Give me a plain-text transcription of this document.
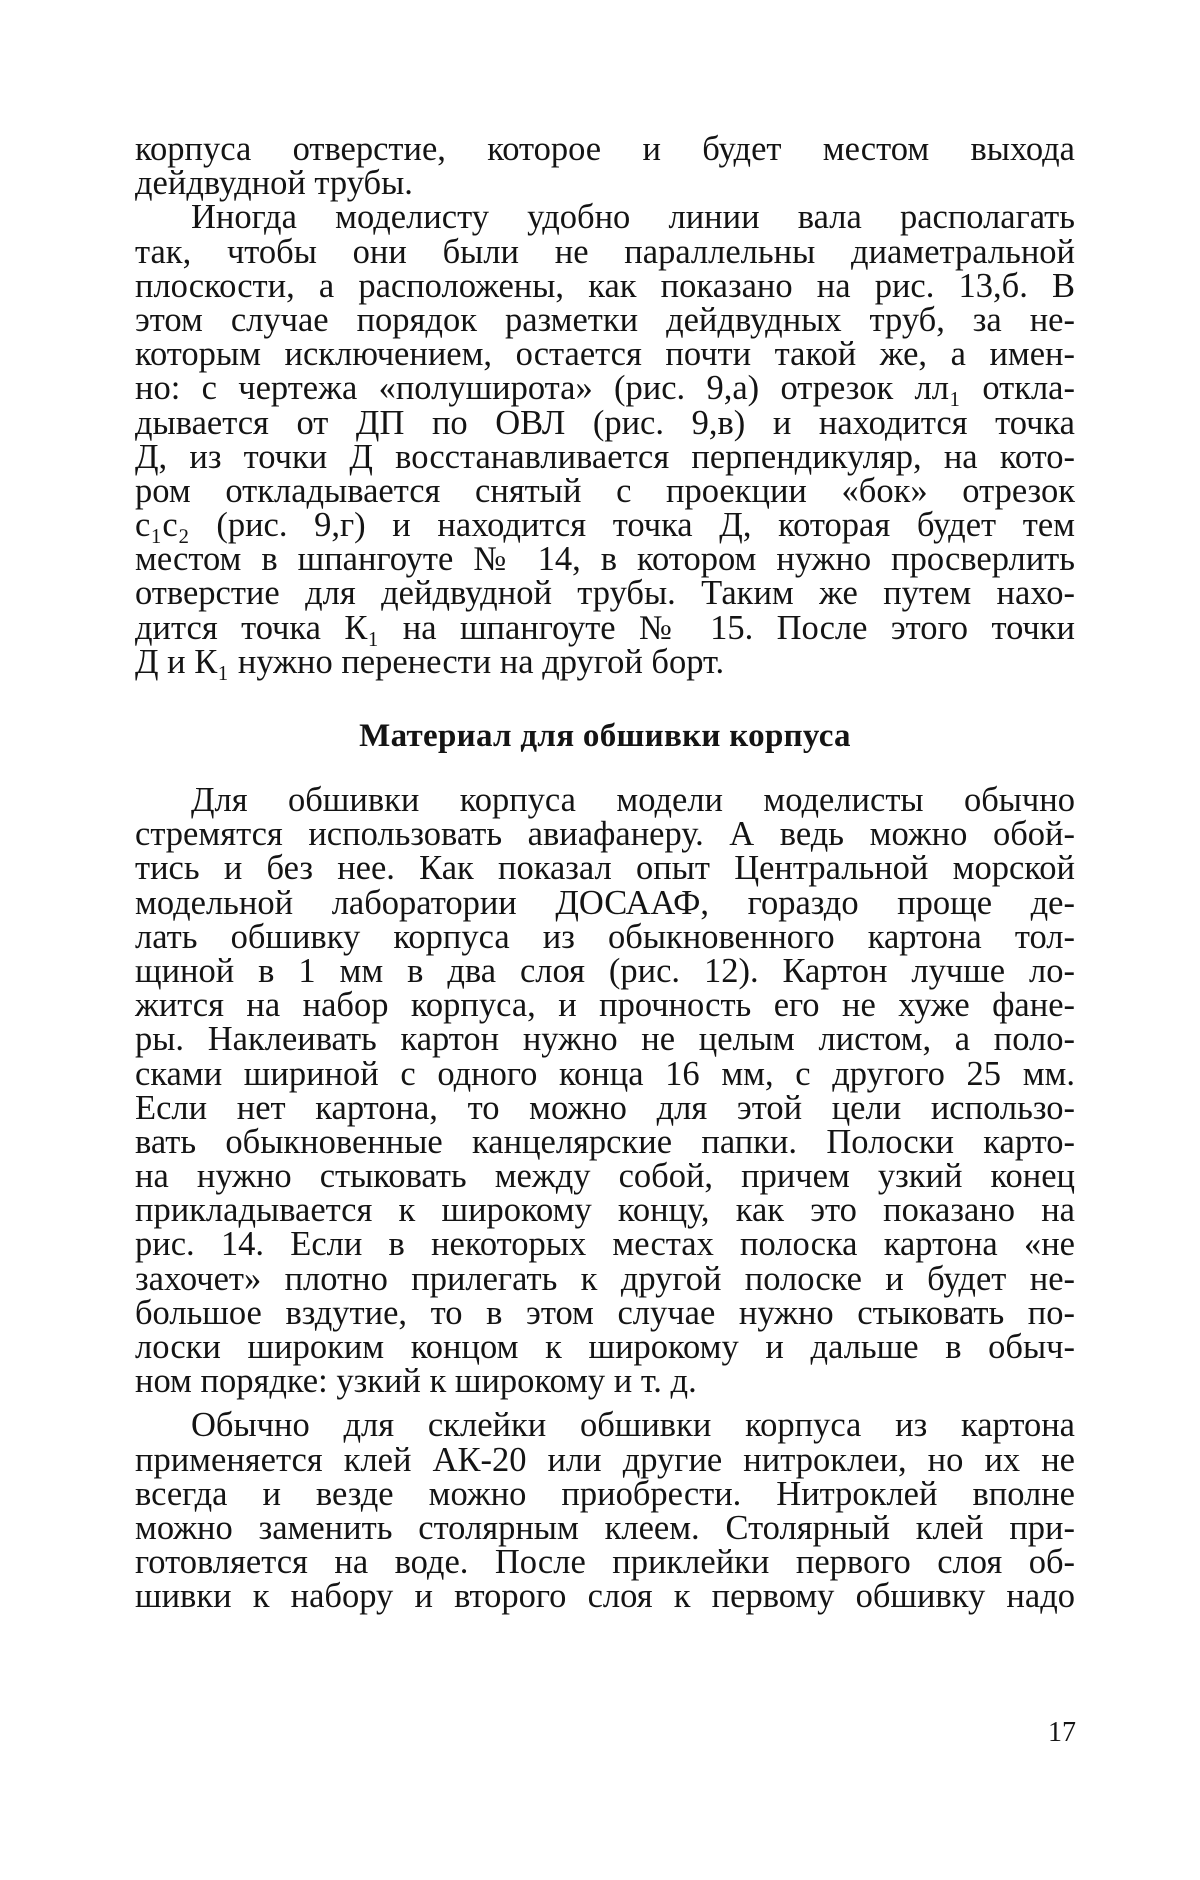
корпуса отверстие, которое и будет местом выхода
дейдвудной трубы.
Иногда моделисту удобно линии вала располагать
так, чтобы они были не параллельны диаметральной
плоскости, а расположены, как показано на рис. 13,б. В
этом случае порядок разметки дейдвудных труб, за не-
которым исключением, остается почти такой же, а имен-
но: с чертежа «полуширота» (рис. 9,а) отрезок лл₁ откла-
дывается от ДП по ОВЛ (рис. 9,в) и находится точка
Д, из точки Д восстанавливается перпендикуляр, на кото-
ром откладывается снятый с проекции «бок» отрезок
с₁с₂ (рис. 9,г) и находится точка Д, которая будет тем
местом в шпангоуте № 14, в котором нужно просверлить
отверстие для дейдвудной трубы. Таким же путем нахо-
дится точка К₁ на шпангоуте № 15. После этого точки
Д и К₁ нужно перенести на другой борт.
Материал для обшивки корпуса
Для обшивки корпуса модели моделисты обычно
стремятся использовать авиафанеру. А ведь можно обой-
тись и без нее. Как показал опыт Центральной морской
модельной лаборатории ДОСААФ, гораздо проще де-
лать обшивку корпуса из обыкновенного картона тол-
щиной в 1 мм в два слоя (рис. 12). Картон лучше ло-
жится на набор корпуса, и прочность его не хуже фане-
ры. Наклеивать картон нужно не целым листом, а поло-
сками шириной с одного конца 16 мм, с другого 25 мм.
Если нет картона, то можно для этой цели использо-
вать обыкновенные канцелярские папки. Полоски карто-
на нужно стыковать между собой, причем узкий конец
прикладывается к широкому концу, как это показано на
рис. 14. Если в некоторых местах полоска картона «не
захочет» плотно прилегать к другой полоске и будет не-
большое вздутие, то в этом случае нужно стыковать по-
лоски широким концом к широкому и дальше в обыч-
ном порядке: узкий к широкому и т. д.
Обычно для склейки обшивки корпуса из картона
применяется клей АК-20 или другие нитроклеи, но их не
всегда и везде можно приобрести. Нитроклей вполне
можно заменить столярным клеем. Столярный клей при-
готовляется на воде. После приклейки первого слоя об-
шивки к набору и второго слоя к первому обшивку надо
17
